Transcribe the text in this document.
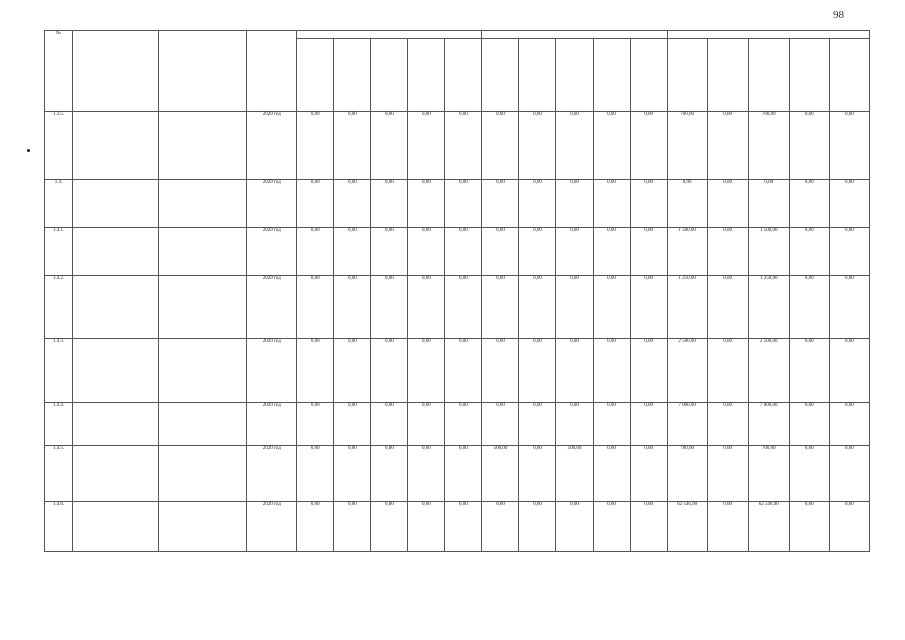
98
№																		

1.3.5.			2020 год	0,00	0,00	0,00	0,00	0,00	0,00	0,00	0,00	0,00	0,00	700,00	0,00	700,00	0,00	0,00
1.4.			2020 год	0,00	0,00	0,00	0,00	0,00	0,00	0,00	0,00	0,00	0,00	0,00	0,00	0,00	0,00	0,00
1.4.1.			2020 год	0,00	0,00	0,00	0,00	0,00	0,00	0,00	0,00	0,00	0,00	1 500,00	0,00	1 500,00	0,00	0,00
1.4.2.			2020 год	0,00	0,00	0,00	0,00	0,00	0,00	0,00	0,00	0,00	0,00	1 250,00	0,00	1 250,00	0,00	0,00
1.4.3.			2020 год	0,00	0,00	0,00	0,00	0,00	0,00	0,00	0,00	0,00	0,00	2 500,00	0,00	2 500,00	0,00	0,00
1.4.4.			2020 год	0,00	0,00	0,00	0,00	0,00	0,00	0,00	0,00	0,00	0,00	7 000,00	0,00	7 000,00	0,00	0,00
1.4.5.			2020 год	0,00	0,00	0,00	0,00	0,00	500,00	0,00	500,00	0,00	0,00	700,00	0,00	700,00	0,00	0,00
1.4.6.			2020 год	0,00	0,00	0,00	0,00	0,00	0,00	0,00	0,00	0,00	0,00	62 546,90	0,00	62 546,90	0,00	0,00
